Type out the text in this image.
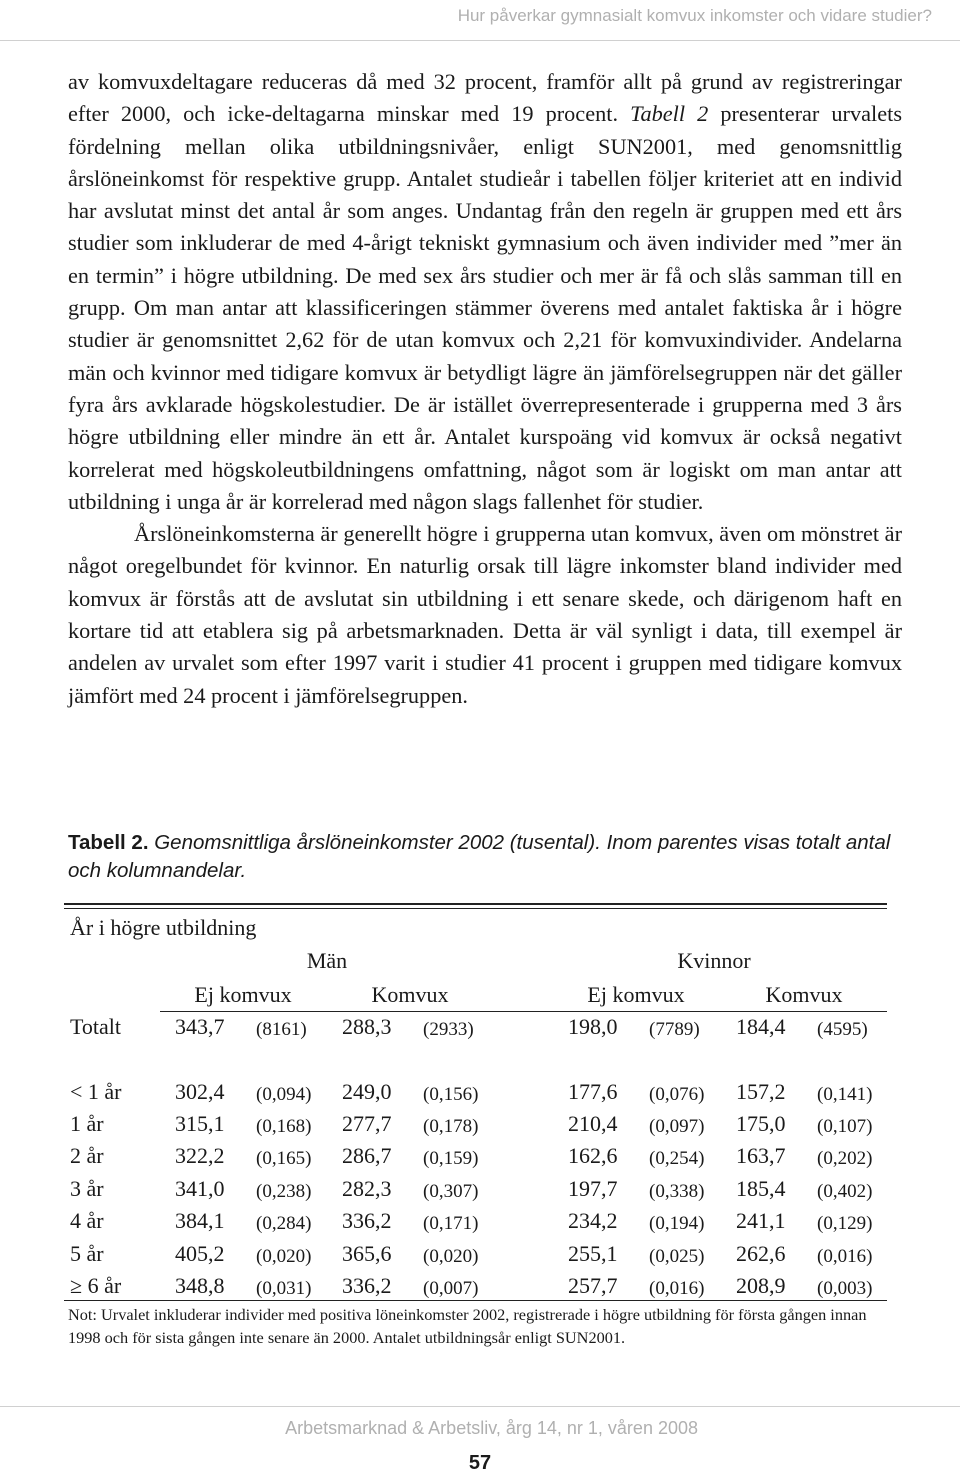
Hur påverkar gymnasialt komvux inkomster och vidare studier?

av komvuxdeltagare reduceras då med 32 procent, framför allt på grund av registreringar efter 2000, och icke-deltagarna minskar med 19 procent. Tabell 2 presenterar urvalets fördelning mellan olika utbildningsnivåer, enligt SUN2001, med genomsnittlig årslöneinkomst för respektive grupp. Antalet studieår i tabellen följer kriteriet att en individ har avslutat minst det antal år som anges. Undantag från den regeln är gruppen med ett års studier som inkluderar de med 4-årigt tekniskt gymnasium och även individer med ”mer än en termin” i högre utbildning. De med sex års studier och mer är få och slås samman till en grupp. Om man antar att klassificeringen stämmer överens med antalet faktiska år i högre studier är genomsnittet 2,62 för de utan komvux och 2,21 för komvuxindivider. Andelarna män och kvinnor med tidigare komvux är betydligt lägre än jämförelsegruppen när det gäller fyra års avklarade högskolestudier. De är istället överrepresenterade i grupperna med 3 års högre utbildning eller mindre än ett år. Antalet kurspoäng vid komvux är också negativt korrelerat med högskoleutbildningens omfattning, något som är logiskt om man antar att utbildning i unga år är korrelerad med någon slags fallenhet för studier.

Årslöneinkomsterna är generellt högre i grupperna utan komvux, även om mönstret är något oregelbundet för kvinnor. En naturlig orsak till lägre inkomster bland individer med komvux är förstås att de avslutat sin utbildning i ett senare skede, och därigenom haft en kortare tid att etablera sig på arbetsmarknaden. Detta är väl synligt i data, till exempel är andelen av urvalet som efter 1997 varit i studier 41 procent i gruppen med tidigare komvux jämfört med 24 procent i jämförelsegruppen.

Tabell 2. Genomsnittliga årslöneinkomster 2002 (tusental). Inom parentes visas totalt antal och kolumnandelar.
År i högre utbildning
Män	Kvinnor
Ej komvux	Komvux	Ej komvux	Komvux
Totalt 343,7 (8161) 288,3 (2933)	198,0 (7789) 184,4 (4595)
< 1 år 302,4 (0,094) 249,0 (0,156)	177,6 (0,076) 157,2 (0,141)
1 år	315,1 (0,168) 277,7 (0,178)	210,4 (0,097) 175,0 (0,107)
2 år	322,2 (0,165) 286,7 (0,159)	162,6 (0,254) 163,7 (0,202)
3 år	341,0 (0,238) 282,3 (0,307)	197,7 (0,338) 185,4 (0,402)
4 år	384,1 (0,284) 336,2 (0,171)	234,2 (0,194) 241,1 (0,129)
5 år	405,2 (0,020) 365,6 (0,020)	255,1 (0,025) 262,6 (0,016)
≥ 6 år 348,8 (0,031) 336,2 (0,007)	257,7 (0,016) 208,9 (0,003)
Not: Urvalet inkluderar individer med positiva löneinkomster 2002, registrerade i högre utbildning för första gången innan 1998 och för sista gången inte senare än 2000. Antalet utbildningsår enligt SUN2001.
Arbetsmarknad & Arbetsliv, årg 14, nr 1, våren 2008
57
